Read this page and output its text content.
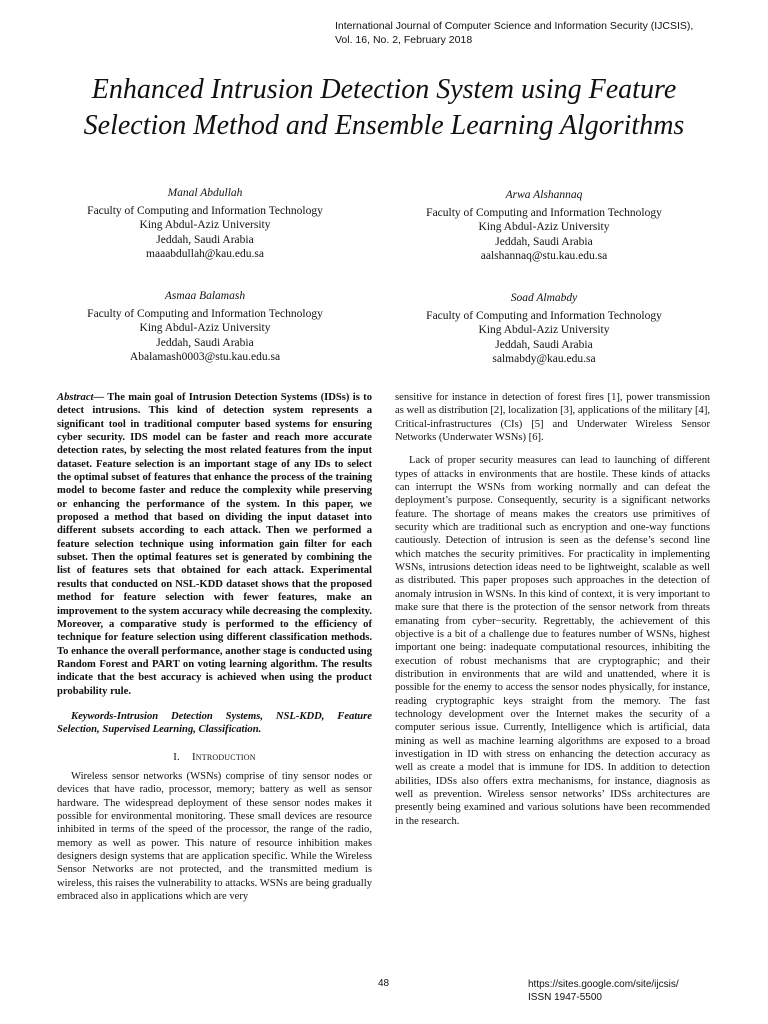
International Journal of Computer Science and Information Security (IJCSIS),
Vol. 16, No. 2, February 2018
Enhanced Intrusion Detection System using Feature
Selection Method and Ensemble Learning Algorithms
Manal Abdullah
Faculty of Computing and Information Technology
King Abdul-Aziz University
Jeddah, Saudi Arabia
maaabdullah@kau.edu.sa
Arwa Alshannaq
Faculty of Computing and Information Technology
King Abdul-Aziz University
Jeddah, Saudi Arabia
aalshannaq@stu.kau.edu.sa
Asmaa Balamash
Faculty of Computing and Information Technology
King Abdul-Aziz University
Jeddah, Saudi Arabia
Abalamash0003@stu.kau.edu.sa
Soad Almabdy
Faculty of Computing and Information Technology
King Abdul-Aziz University
Jeddah, Saudi Arabia
salmabdy@kau.edu.sa

Abstract— The main goal of Intrusion Detection Systems (IDSs) is to detect intrusions. This kind of detection system represents a significant tool in traditional computer based systems for ensuring cyber security. IDS model can be faster and reach more accurate detection rates, by selecting the most related features from the input dataset. Feature selection is an important stage of any IDs to select the optimal subset of features that enhance the process of the training model to become faster and reduce the complexity while preserving or enhancing the performance of the system. In this paper, we proposed a method that based on dividing the input dataset into different subsets according to each attack. Then we performed a feature selection technique using information gain filter for each subset. Then the optimal features set is generated by combining the list of features sets that obtained for each attack. Experimental results that conducted on NSL-KDD dataset shows that the proposed method for feature selection with fewer features, make an improvement to the system accuracy while decreasing the complexity. Moreover, a comparative study is performed to the efficiency of technique for feature selection using different classification methods. To enhance the overall performance, another stage is conducted using Random Forest and PART on voting learning algorithm. The results indicate that the best accuracy is achieved when using the product probability rule.

Keywords-Intrusion Detection Systems, NSL-KDD, Feature Selection, Supervised Learning, Classification.

I. Introduction

Wireless sensor networks (WSNs) comprise of tiny sensor nodes or devices that have radio, processor, memory; battery as well as sensor hardware. The widespread deployment of these sensor nodes makes it possible for environmental monitoring. These small devices are resource inhibited in terms of the speed of the processor, the range of the radio, memory as well as power. This nature of resource inhibition makes designers design systems that are application specific. While the Wireless Sensor Networks are not protected, and the transmitted medium is wireless, this raises the vulnerability to attacks. WSNs are being gradually embraced also in applications which are very

sensitive for instance in detection of forest fires [1], power transmission as well as distribution [2], localization [3], applications of the military [4], Critical-infrastructures (CIs) [5] and Underwater Wireless Sensor Networks (Underwater WSNs) [6].

Lack of proper security measures can lead to launching of different types of attacks in environments that are hostile. These kinds of attacks can interrupt the WSNs from working normally and can defeat the deployment’s purpose. Consequently, security is a significant networks feature. The shortage of means makes the creators use primitives of security which are traditional such as encryption and one-way functions cautiously. Detection of intrusion is seen as the defense’s second line which matches the security primitives. For practicality in implementing WSNs, intrusions detection ideas need to be lightweight, scalable as well as distributed. This paper proposes such approaches in the detection of anomaly intrusion in WSNs. In this kind of context, it is very important to make sure that there is the protection of the sensor network from threats emanating from cyber−security. Regrettably, the achievement of this objective is a bit of a challenge due to features number of WSNs, highest important one being: inadequate computational resources, inhibiting the execution of robust mechanisms that are cryptographic; and their distribution in environments that are wild and unattended, where it is possible for the enemy to access the sensor nodes physically, for instance, reading cryptographic keys straight from the memory. The fast technology development over the Internet makes the security of a computer serious issue. Currently, Intelligence which is artificial, data mining as well as machine learning algorithms are exposed to a broad investigation in ID with stress on enhancing the detection accuracy as well as create a model that is immune for IDS. In addition to detection abilities, IDSs also offers extra mechanisms, for instance, diagnosis as well as prevention. Wireless sensor networks’ IDSs architectures are presently being examined and various solutions have been recommended in the research.

48	https://sites.google.com/site/ijcsis/
ISSN 1947-5500
